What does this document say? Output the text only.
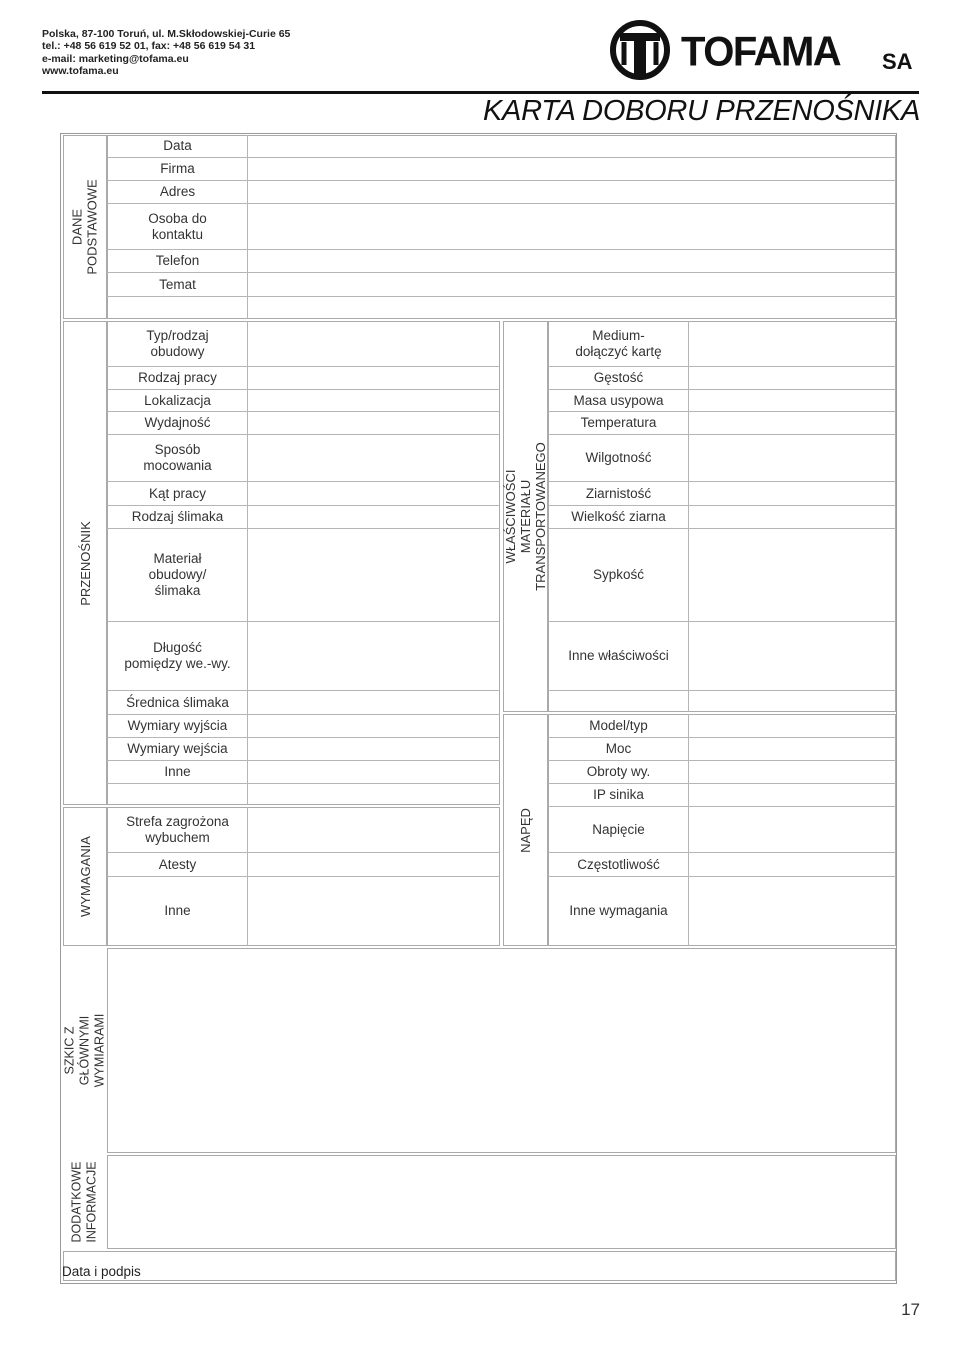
Polska, 87-100 Toruń, ul. M.Skłodowskiej-Curie 65
tel.: +48 56 619 52 01, fax: +48 56 619 54 31
e-mail: marketing@tofama.eu
www.tofama.eu	TOFAMA SA
KARTA DOBORU PRZENOŚNIKA
DANE
PODSTAWOWE
Data
Firma
Adres
Osoba do
kontaktu
Telefon
Temat
PRZENOŚNIK
Typ/rodzaj
obudowy
Rodzaj pracy
Lokalizacja
Wydajność
Sposób
mocowania
Kąt pracy
Rodzaj ślimaka
Materiał
obudowy/
ślimaka
Długość
pomiędzy we.-wy.
Średnica ślimaka
Wymiary wyjścia
Wymiary wejścia
Inne
WŁAŚCIWOŚCI MATERIAŁU
TRANSPORTOWANEGO
Medium-
dołączyć kartę
Gęstość
Masa usypowa
Temperatura
Wilgotność
Ziarnistość
Wielkość ziarna
Sypkość
Inne właściwości
NAPĘD
Model/typ
Moc
Obroty wy.
IP sinika
Napięcie
Częstotliwość
Inne wymagania
WYMAGANIA
Strefa zagrożona
wybuchem
Atesty
Inne
SZKIC Z GŁÓWNYMI WYMIARAMI
DODATKOWE
INFORMACJE
Data i podpis
17
